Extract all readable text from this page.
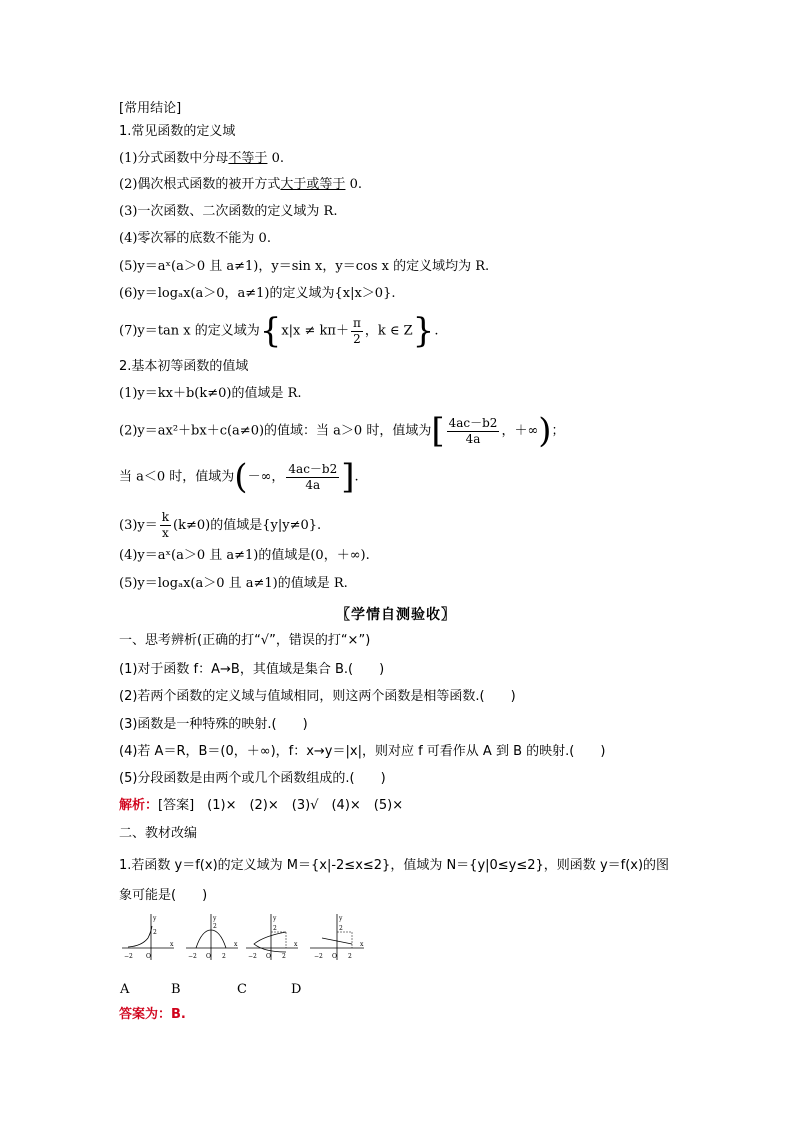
[常用结论]
1.常见函数的定义域
(1)分式函数中分母不等于 0.
(2)偶次根式函数的被开方式大于或等于 0.
(3)一次函数、二次函数的定义域为 R.
(4)零次幂的底数不能为 0.
(5)y＝aˣ(a＞0 且 a≠1)，y＝sin x，y＝cos x 的定义域均为 R.
(6)y＝logₐx(a＞0，a≠1)的定义域为{x|x＞0}.
(7)y＝tan x 的定义域为{$x|x \ne k\pi+ \frac{\pi}{2}$ ，k ∈ Z}.
2.基本初等函数的值域
(1)y＝kx＋b(k≠0)的值域是 R.
(2)y＝ax²＋bx＋c(a≠0)的值域：当 a＞0 时，值域为[ $\frac{4ac-b2}{4a}$ ，＋∞)；
当 a＜0 时，值域为(－∞， $\frac{4ac-b2}{4a}$ ].
$(3)y= \frac{k}{x} (k\ne 0)$的值域是{y|y≠0}.
(4)y＝aˣ(a＞0 且 a≠1)的值域是(0，＋∞).
(5)y＝logₐx(a＞0 且 a≠1)的值域是 R.
〖学情自测验收〗
一、思考辨析(正确的打“√”，错误的打“×”)
(1)对于函数 f：A→B，其值域是集合 B.(　　)
(2)若两个函数的定义域与值域相同，则这两个函数是相等函数.(　　)
(3)函数是一种特殊的映射.(　　)
(4)若 A＝R，B＝(0，＋∞)，f：x→y＝|x|，则对应 f 可看作从 A 到 B 的映射.(　　)
(5)分段函数是由两个或几个函数组成的.(　　)
解析：[答案]　(1)×　(2)×　(3)√　(4)×　(5)×
二、教材改编
1.若函数 y＝f(x)的定义域为 M＝{x|-2≤x≤2}，值域为 N＝{y|0≤y≤2}，则函数 y＝f(x)的图
象可能是(　　)
y
x
2
−2 O
y
x
2
−2 O 2
y
x
2
−2 O 2
y
x
2
−2 O 2
A	B	C	D
答案为：B.
